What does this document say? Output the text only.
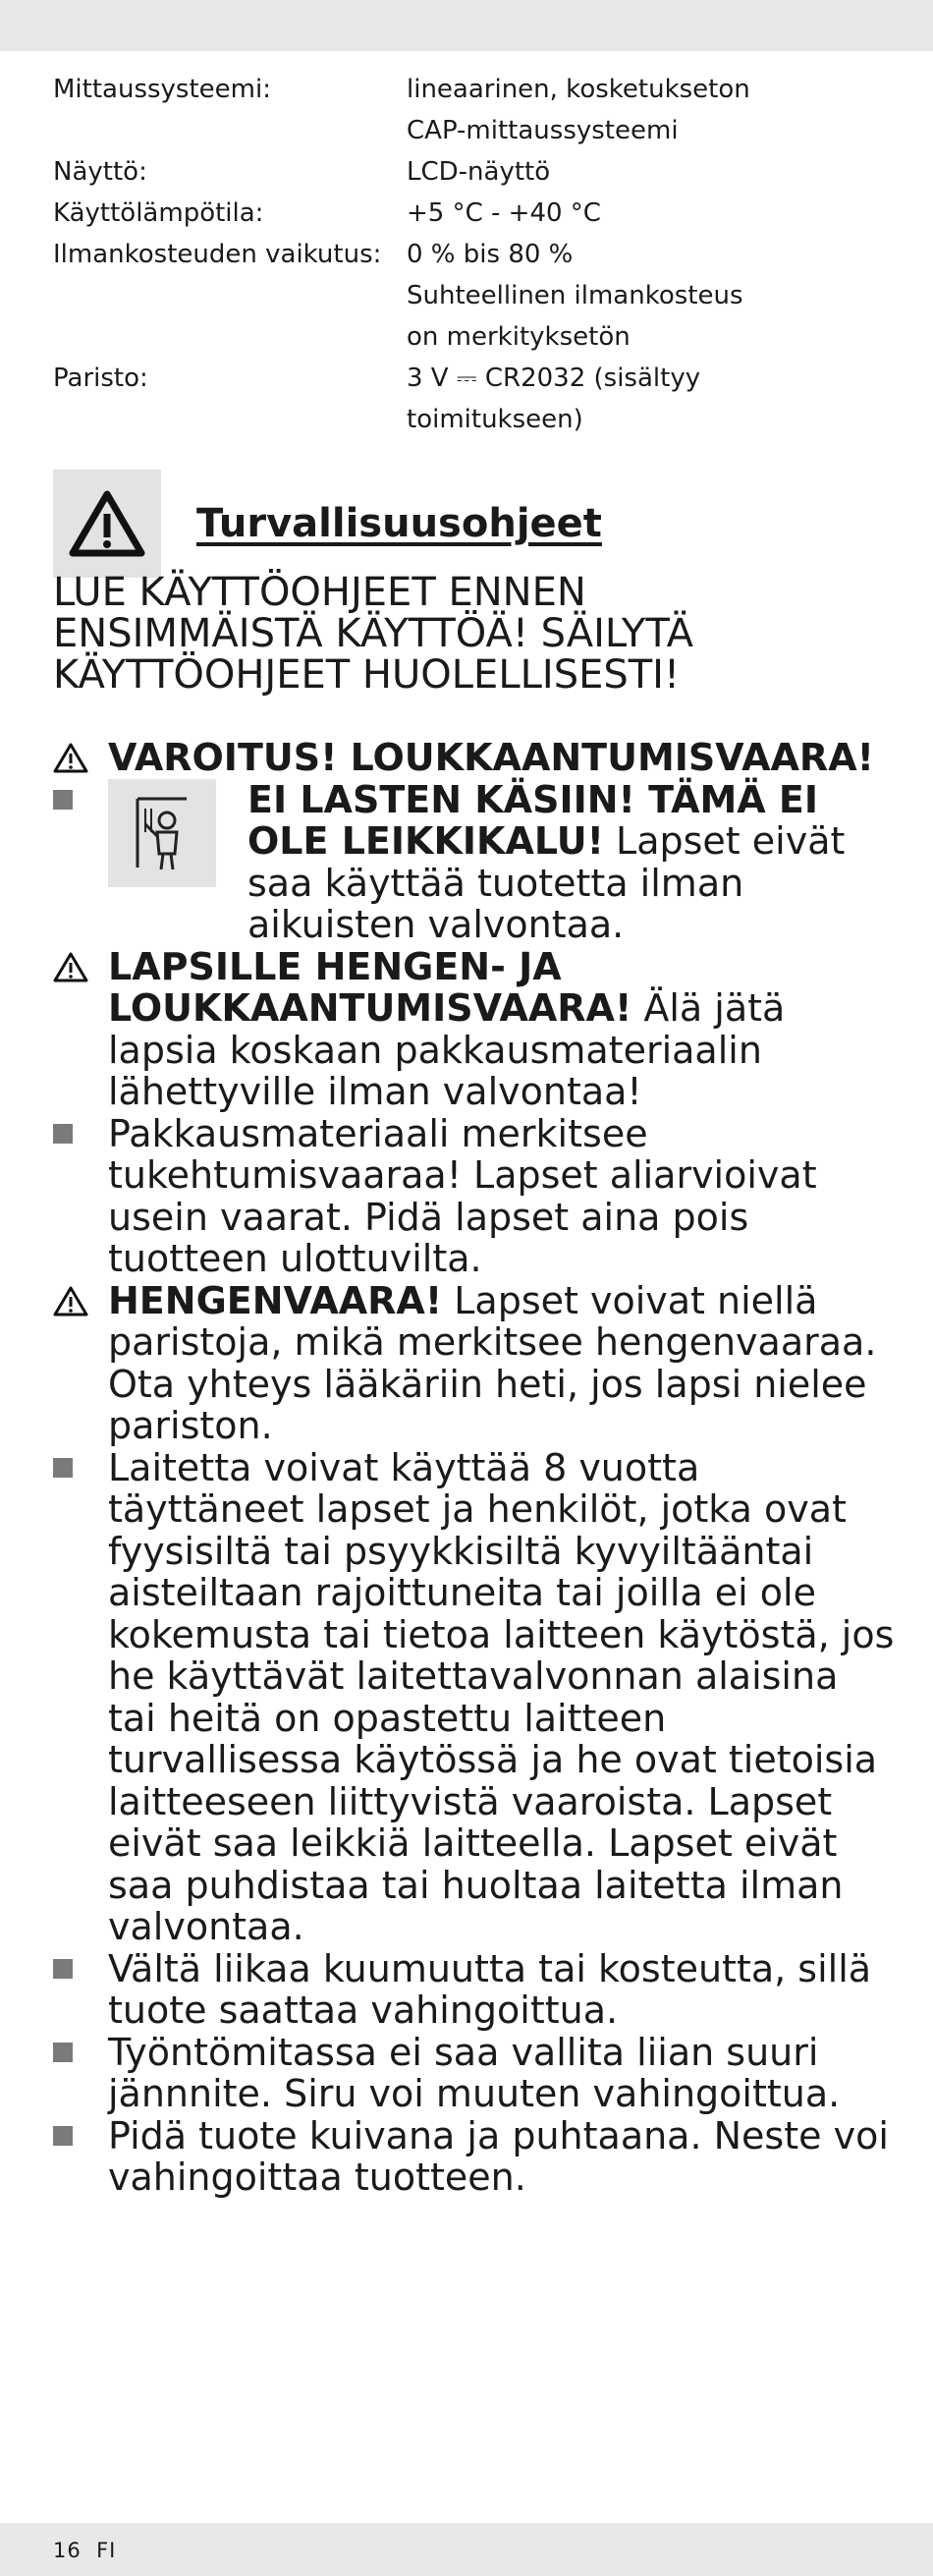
Mittaussysteemi:	lineaarinen, kosketukseton
CAP-mittaussysteemi
Näyttö:	LCD-näyttö
Käyttölämpötila:	+5 °C - +40 °C
Ilmankosteuden vaikutus: 0 % bis 80 %
Suhteellinen ilmankosteus
on merkityksetön
Paristo:	3 V ⎓ CR2032 (sisältyy
toimitukseen)
Turvallisuusohjeet
LUE KÄYTTÖOHJEET ENNEN
ENSIMMÄISTÄ KÄYTTÖÄ! SÄILYTÄ
KÄYTTÖOHJEET HUOLELLISESTI!
VAROITUS! LOUKKAANTUMISVAARA!
EI LASTEN KÄSIIN! TÄMÄ EI OLE LEIKKIKALU! Lapset eivät saa käyttää tuotetta ilman aikuisten valvontaa.
LAPSILLE HENGEN- JA LOUKKAANTUMISVAARA! Älä jätä lapsia koskaan pakkausmateriaalin lähettyville ilman valvontaa!
Pakkausmateriaali merkitsee tukehtumisvaaraa! Lapset aliarvioivat usein vaarat. Pidä lapset aina pois tuotteen ulottuvilta.
HENGENVAARA! Lapset voivat niellä paristoja, mikä merkitsee hengenvaaraa. Ota yhteys lääkäriin heti, jos lapsi nielee pariston.
Laitetta voivat käyttää 8 vuotta täyttäneet lapset ja henkilöt, jotka ovat fyysisiltä tai psyykkisiltä kyvyiltääntai aisteiltaan rajoittuneita tai joilla ei ole kokemusta tai tietoa laitteen käytöstä, jos he käyttävät laitettavalvonnan alaisina tai heitä on opastettu laitteen turvallisessa käytössä ja he ovat tietoisia laitteeseen liittyvistä vaaroista. Lapset eivät saa leikkiä laitteella. Lapset eivät saa puhdistaa tai huoltaa laitetta ilman valvontaa.
Vältä liikaa kuumuutta tai kosteutta, sillä tuote saattaa vahingoittua.
Työntömitassa ei saa vallita liian suuri jännnite. Siru voi muuten vahingoittua.
Pidä tuote kuivana ja puhtaana. Neste voi vahingoittaa tuotteen.
16 FI
